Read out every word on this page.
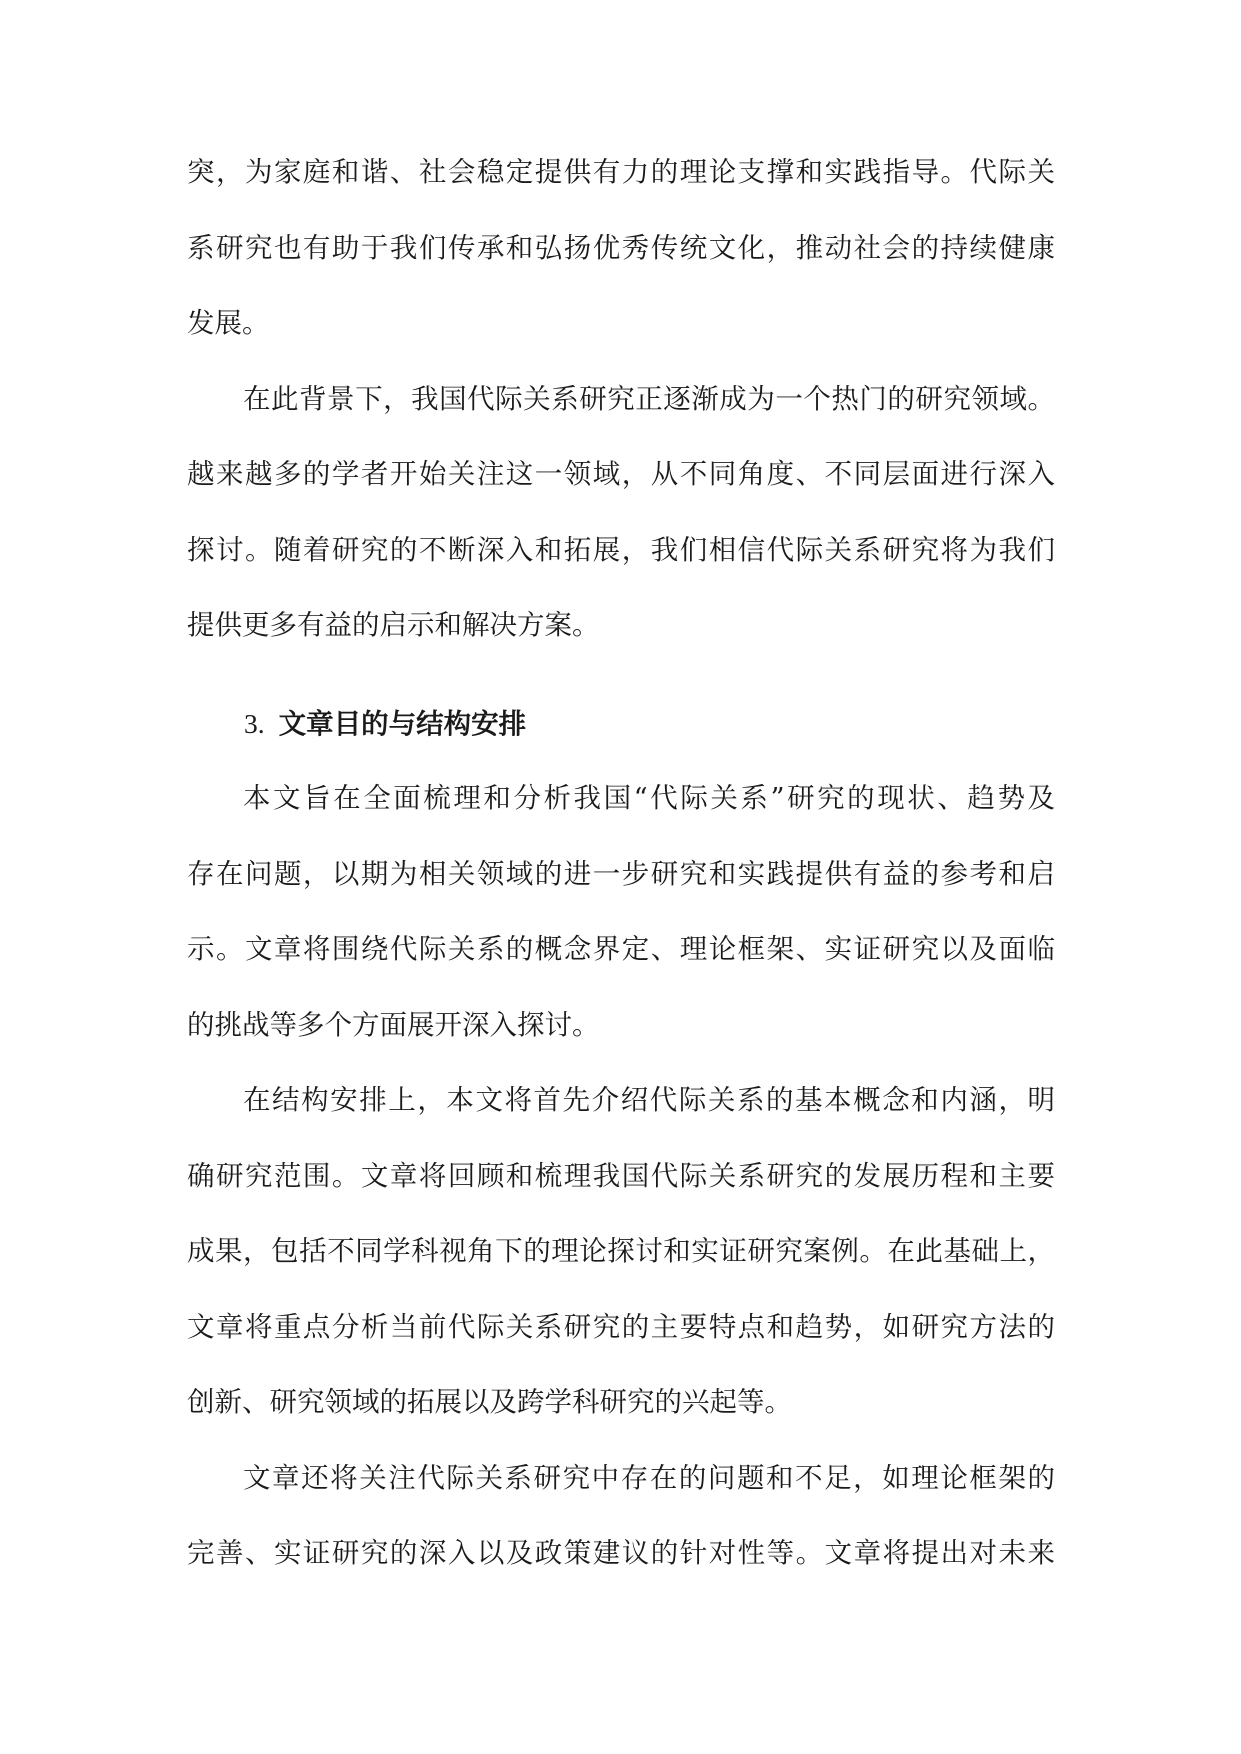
突，为家庭和谐、社会稳定提供有力的理论支撑和实践指导。代际关
系研究也有助于我们传承和弘扬优秀传统文化，推动社会的持续健康
发展。
在此背景下，我国代际关系研究正逐渐成为一个热门的研究领域。
越来越多的学者开始关注这一领域，从不同角度、不同层面进行深入
探讨。随着研究的不断深入和拓展，我们相信代际关系研究将为我们
提供更多有益的启示和解决方案。
3. 文章目的与结构安排
本文旨在全面梳理和分析我国“代际关系”研究的现状、趋势及
存在问题，以期为相关领域的进一步研究和实践提供有益的参考和启
示。文章将围绕代际关系的概念界定、理论框架、实证研究以及面临
的挑战等多个方面展开深入探讨。
在结构安排上，本文将首先介绍代际关系的基本概念和内涵，明
确研究范围。文章将回顾和梳理我国代际关系研究的发展历程和主要
成果，包括不同学科视角下的理论探讨和实证研究案例。在此基础上，
文章将重点分析当前代际关系研究的主要特点和趋势，如研究方法的
创新、研究领域的拓展以及跨学科研究的兴起等。
文章还将关注代际关系研究中存在的问题和不足，如理论框架的
完善、实证研究的深入以及政策建议的针对性等。文章将提出对未来
